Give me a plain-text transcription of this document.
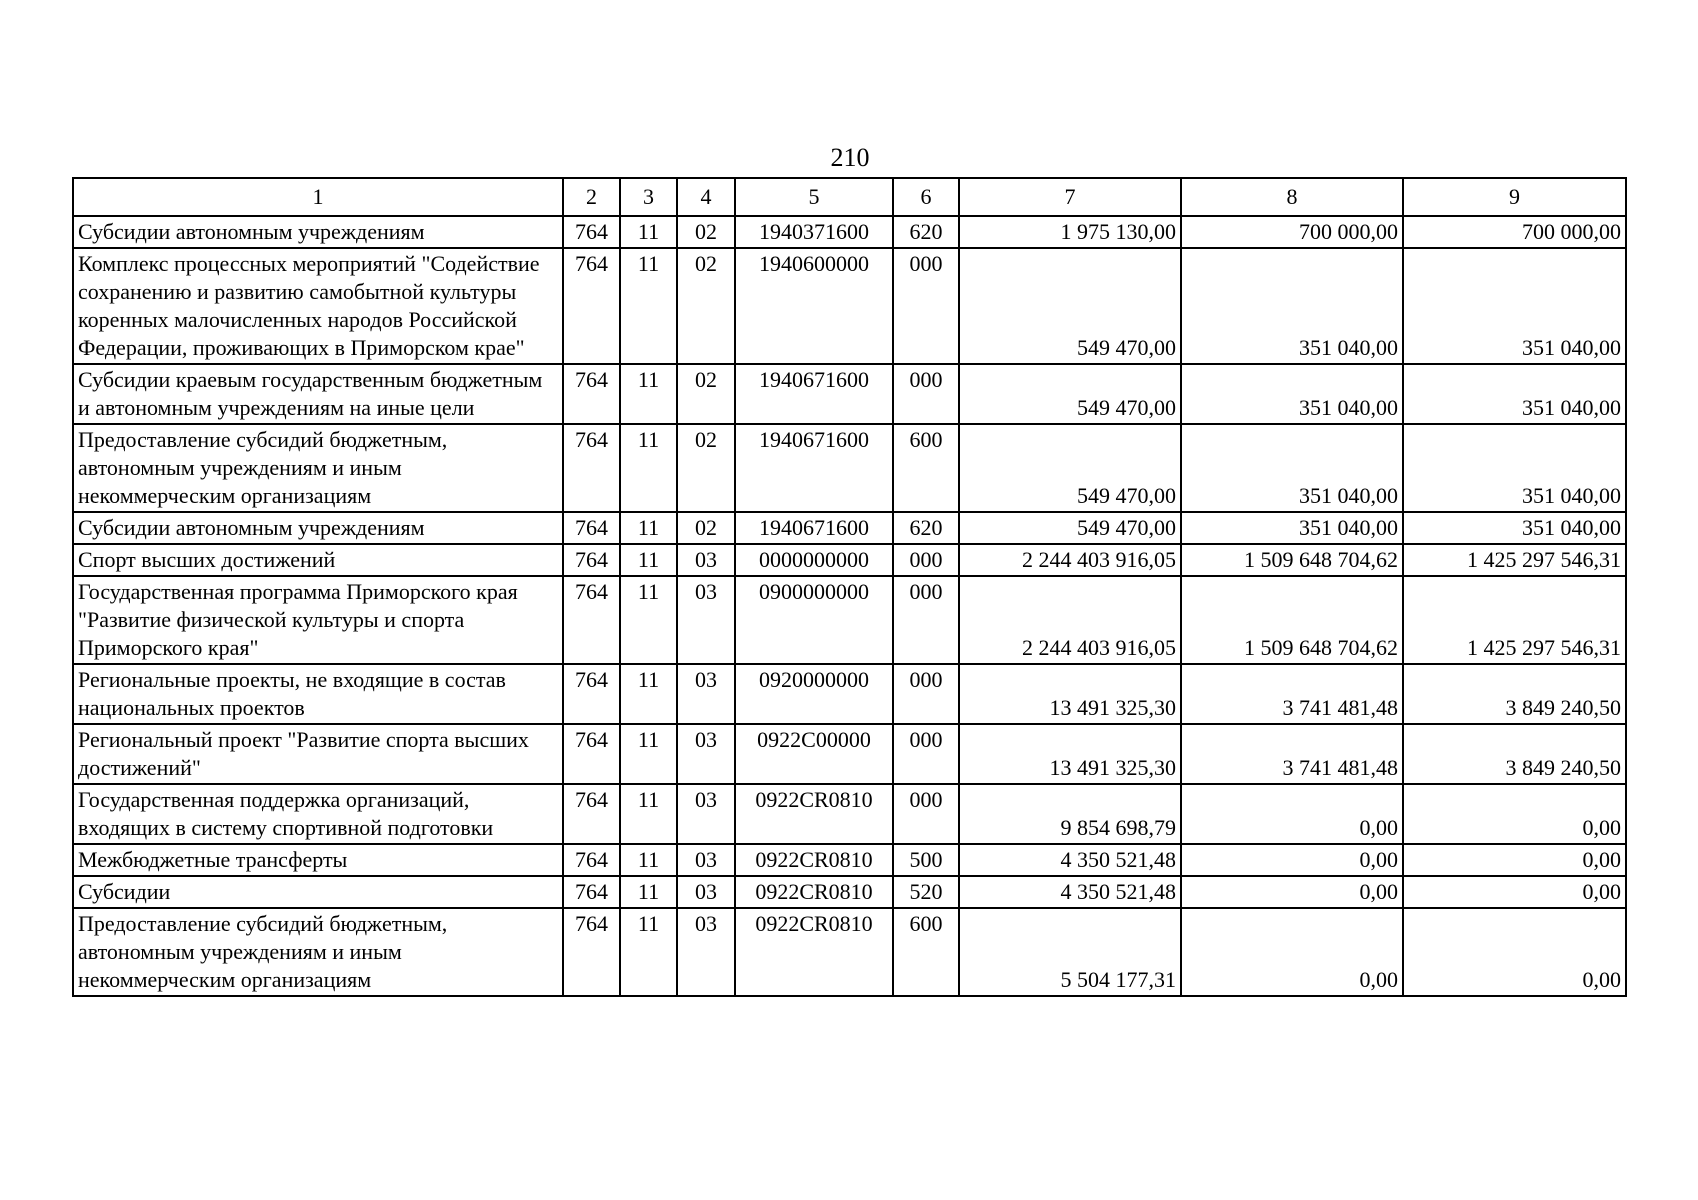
210
1	2	3	4	5	6	7	8	9
Субсидии автономным учреждениям	764	11	02	1940371600	620	1 975 130,00	700 000,00	700 000,00
Комплекс процессных мероприятий "Содействие сохранению и развитию самобытной культуры коренных малочисленных народов Российской Федерации, проживающих в Приморском крае"	764	11	02	1940600000	000	549 470,00	351 040,00	351 040,00
Субсидии краевым государственным бюджетным и автономным учреждениям на иные цели	764	11	02	1940671600	000	549 470,00	351 040,00	351 040,00
Предоставление субсидий бюджетным, автономным учреждениям и иным некоммерческим организациям	764	11	02	1940671600	600	549 470,00	351 040,00	351 040,00
Субсидии автономным учреждениям	764	11	02	1940671600	620	549 470,00	351 040,00	351 040,00
Спорт высших достижений	764	11	03	0000000000	000	2 244 403 916,05	1 509 648 704,62	1 425 297 546,31
Государственная программа Приморского края "Развитие физической культуры и спорта Приморского края"	764	11	03	0900000000	000	2 244 403 916,05	1 509 648 704,62	1 425 297 546,31
Региональные проекты, не входящие в состав национальных проектов	764	11	03	0920000000	000	13 491 325,30	3 741 481,48	3 849 240,50
Региональный проект "Развитие спорта высших достижений"	764	11	03	0922C00000	000	13 491 325,30	3 741 481,48	3 849 240,50
Государственная поддержка организаций, входящих в систему спортивной подготовки	764	11	03	0922CR0810	000	9 854 698,79	0,00	0,00
Межбюджетные трансферты	764	11	03	0922CR0810	500	4 350 521,48	0,00	0,00
Субсидии	764	11	03	0922CR0810	520	4 350 521,48	0,00	0,00
Предоставление субсидий бюджетным, автономным учреждениям и иным некоммерческим организациям	764	11	03	0922CR0810	600	5 504 177,31	0,00	0,00
